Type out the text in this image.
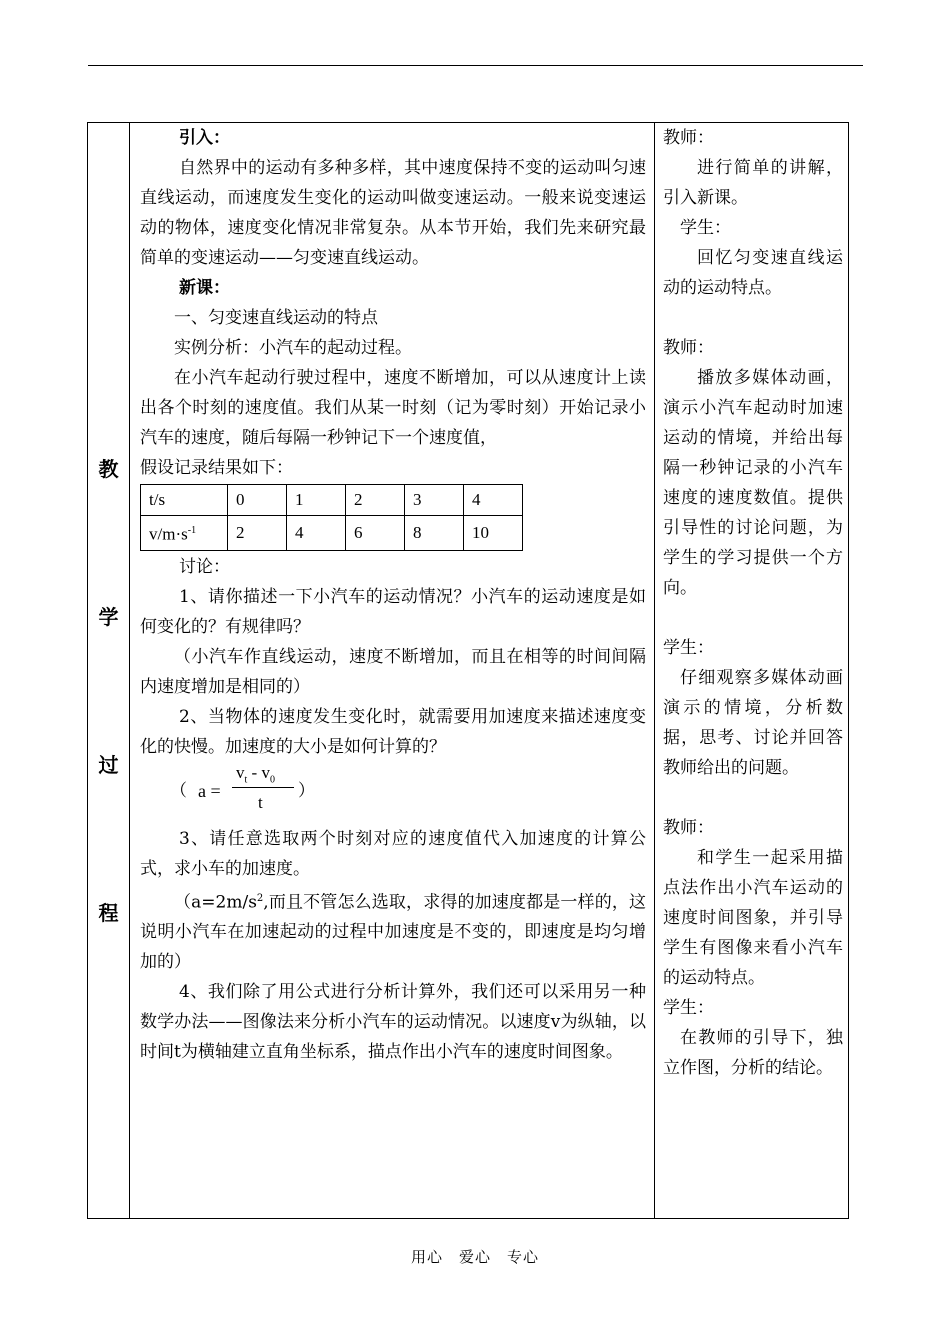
教
学
过
程

引入：

自然界中的运动有多种多样，其中速度保持不变的运动叫匀速直线运动，而速度发生变化的运动叫做变速运动。一般来说变速运动的物体，速度变化情况非常复杂。从本节开始，我们先来研究最简单的变速运动——匀变速直线运动。

新课：

一、匀变速直线运动的特点

实例分析：小汽车的起动过程。

在小汽车起动行驶过程中，速度不断增加，可以从速度计上读出各个时刻的速度值。我们从某一时刻（记为零时刻）开始记录小汽车的速度，随后每隔一秒钟记下一个速度值，

假设记录结果如下：

t/s	0	1	2	3	4
$v/m\cdot s^{-1}$	2	4	6	8	10

讨论：

1、请你描述一下小汽车的运动情况？小汽车的运动速度是如何变化的？有规律吗？

（小汽车作直线运动，速度不断增加，而且在相等的时间间隔内速度增加是相同的）

2、当物体的速度发生变化时，就需要用加速度来描述速度变化的快慢。加速度的大小是如何计算的？

（ a =
$v_t - v_0$
t
）

3、请任意选取两个时刻对应的速度值代入加速度的计算公式，求小车的加速度。

（$a=2m/s^2$,而且不管怎么选取，求得的加速度都是一样的，这说明小汽车在加速起动的过程中加速度是不变的，即速度是均匀增加的）

4、我们除了用公式进行分析计算外，我们还可以采用另一种数学办法——图像法来分析小汽车的运动情况。以速度v为纵轴，以时间t为横轴建立直角坐标系，描点作出小汽车的速度时间图象。

教师：

进行简单的讲解，引入新课。

学生：

回忆匀变速直线运动的运动特点。

教师：

播放多媒体动画，演示小汽车起动时加速运动的情境，并给出每隔一秒钟记录的小汽车速度的速度数值。提供引导性的讨论问题，为学生的学习提供一个方向。

学生：

仔细观察多媒体动画演示的情境，分析数据，思考、讨论并回答教师给出的问题。

教师：

和学生一起采用描点法作出小汽车运动的速度时间图象，并引导学生有图像来看小汽车的运动特点。

学生：

在教师的引导下，独立作图，分析的结论。

用心　爱心　专心
